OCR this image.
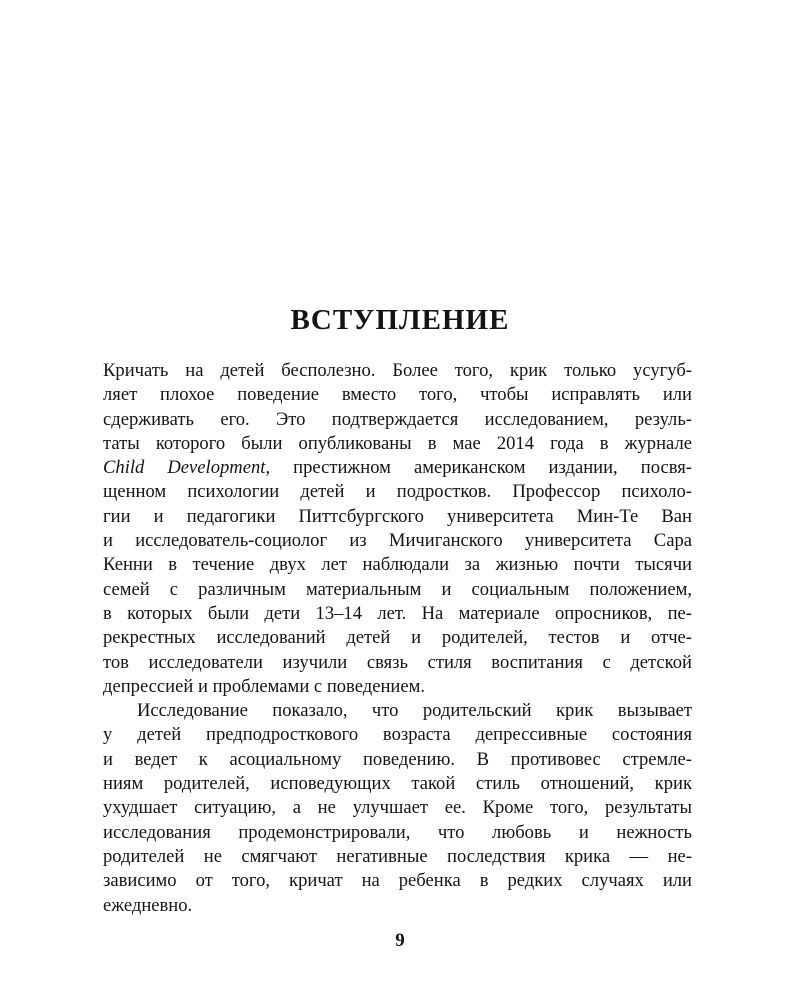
ВСТУПЛЕНИЕ
Кричать на детей бесполезно. Более того, крик только усугуб-
ляет плохое поведение вместо того, чтобы исправлять или
сдерживать его. Это подтверждается исследованием, резуль-
таты которого были опубликованы в мае 2014 года в журнале
Child Development, престижном американском издании, посвя-
щенном психологии детей и подростков. Профессор психоло-
гии и педагогики Питтсбургского университета Мин-Те Ван
и исследователь-социолог из Мичиганского университета Сара
Кенни в течение двух лет наблюдали за жизнью почти тысячи
семей с различным материальным и социальным положением,
в которых были дети 13–14 лет. На материале опросников, пе-
рекрестных исследований детей и родителей, тестов и отче-
тов исследователи изучили связь стиля воспитания с детской
депрессией и проблемами с поведением.
Исследование показало, что родительский крик вызывает
у детей предподросткового возраста депрессивные состояния
и ведет к асоциальному поведению. В противовес стремле-
ниям родителей, исповедующих такой стиль отношений, крик
ухудшает ситуацию, а не улучшает ее. Кроме того, результаты
исследования продемонстрировали, что любовь и нежность
родителей не смягчают негативные последствия крика — не-
зависимо от того, кричат на ребенка в редких случаях или
ежедневно.
9
